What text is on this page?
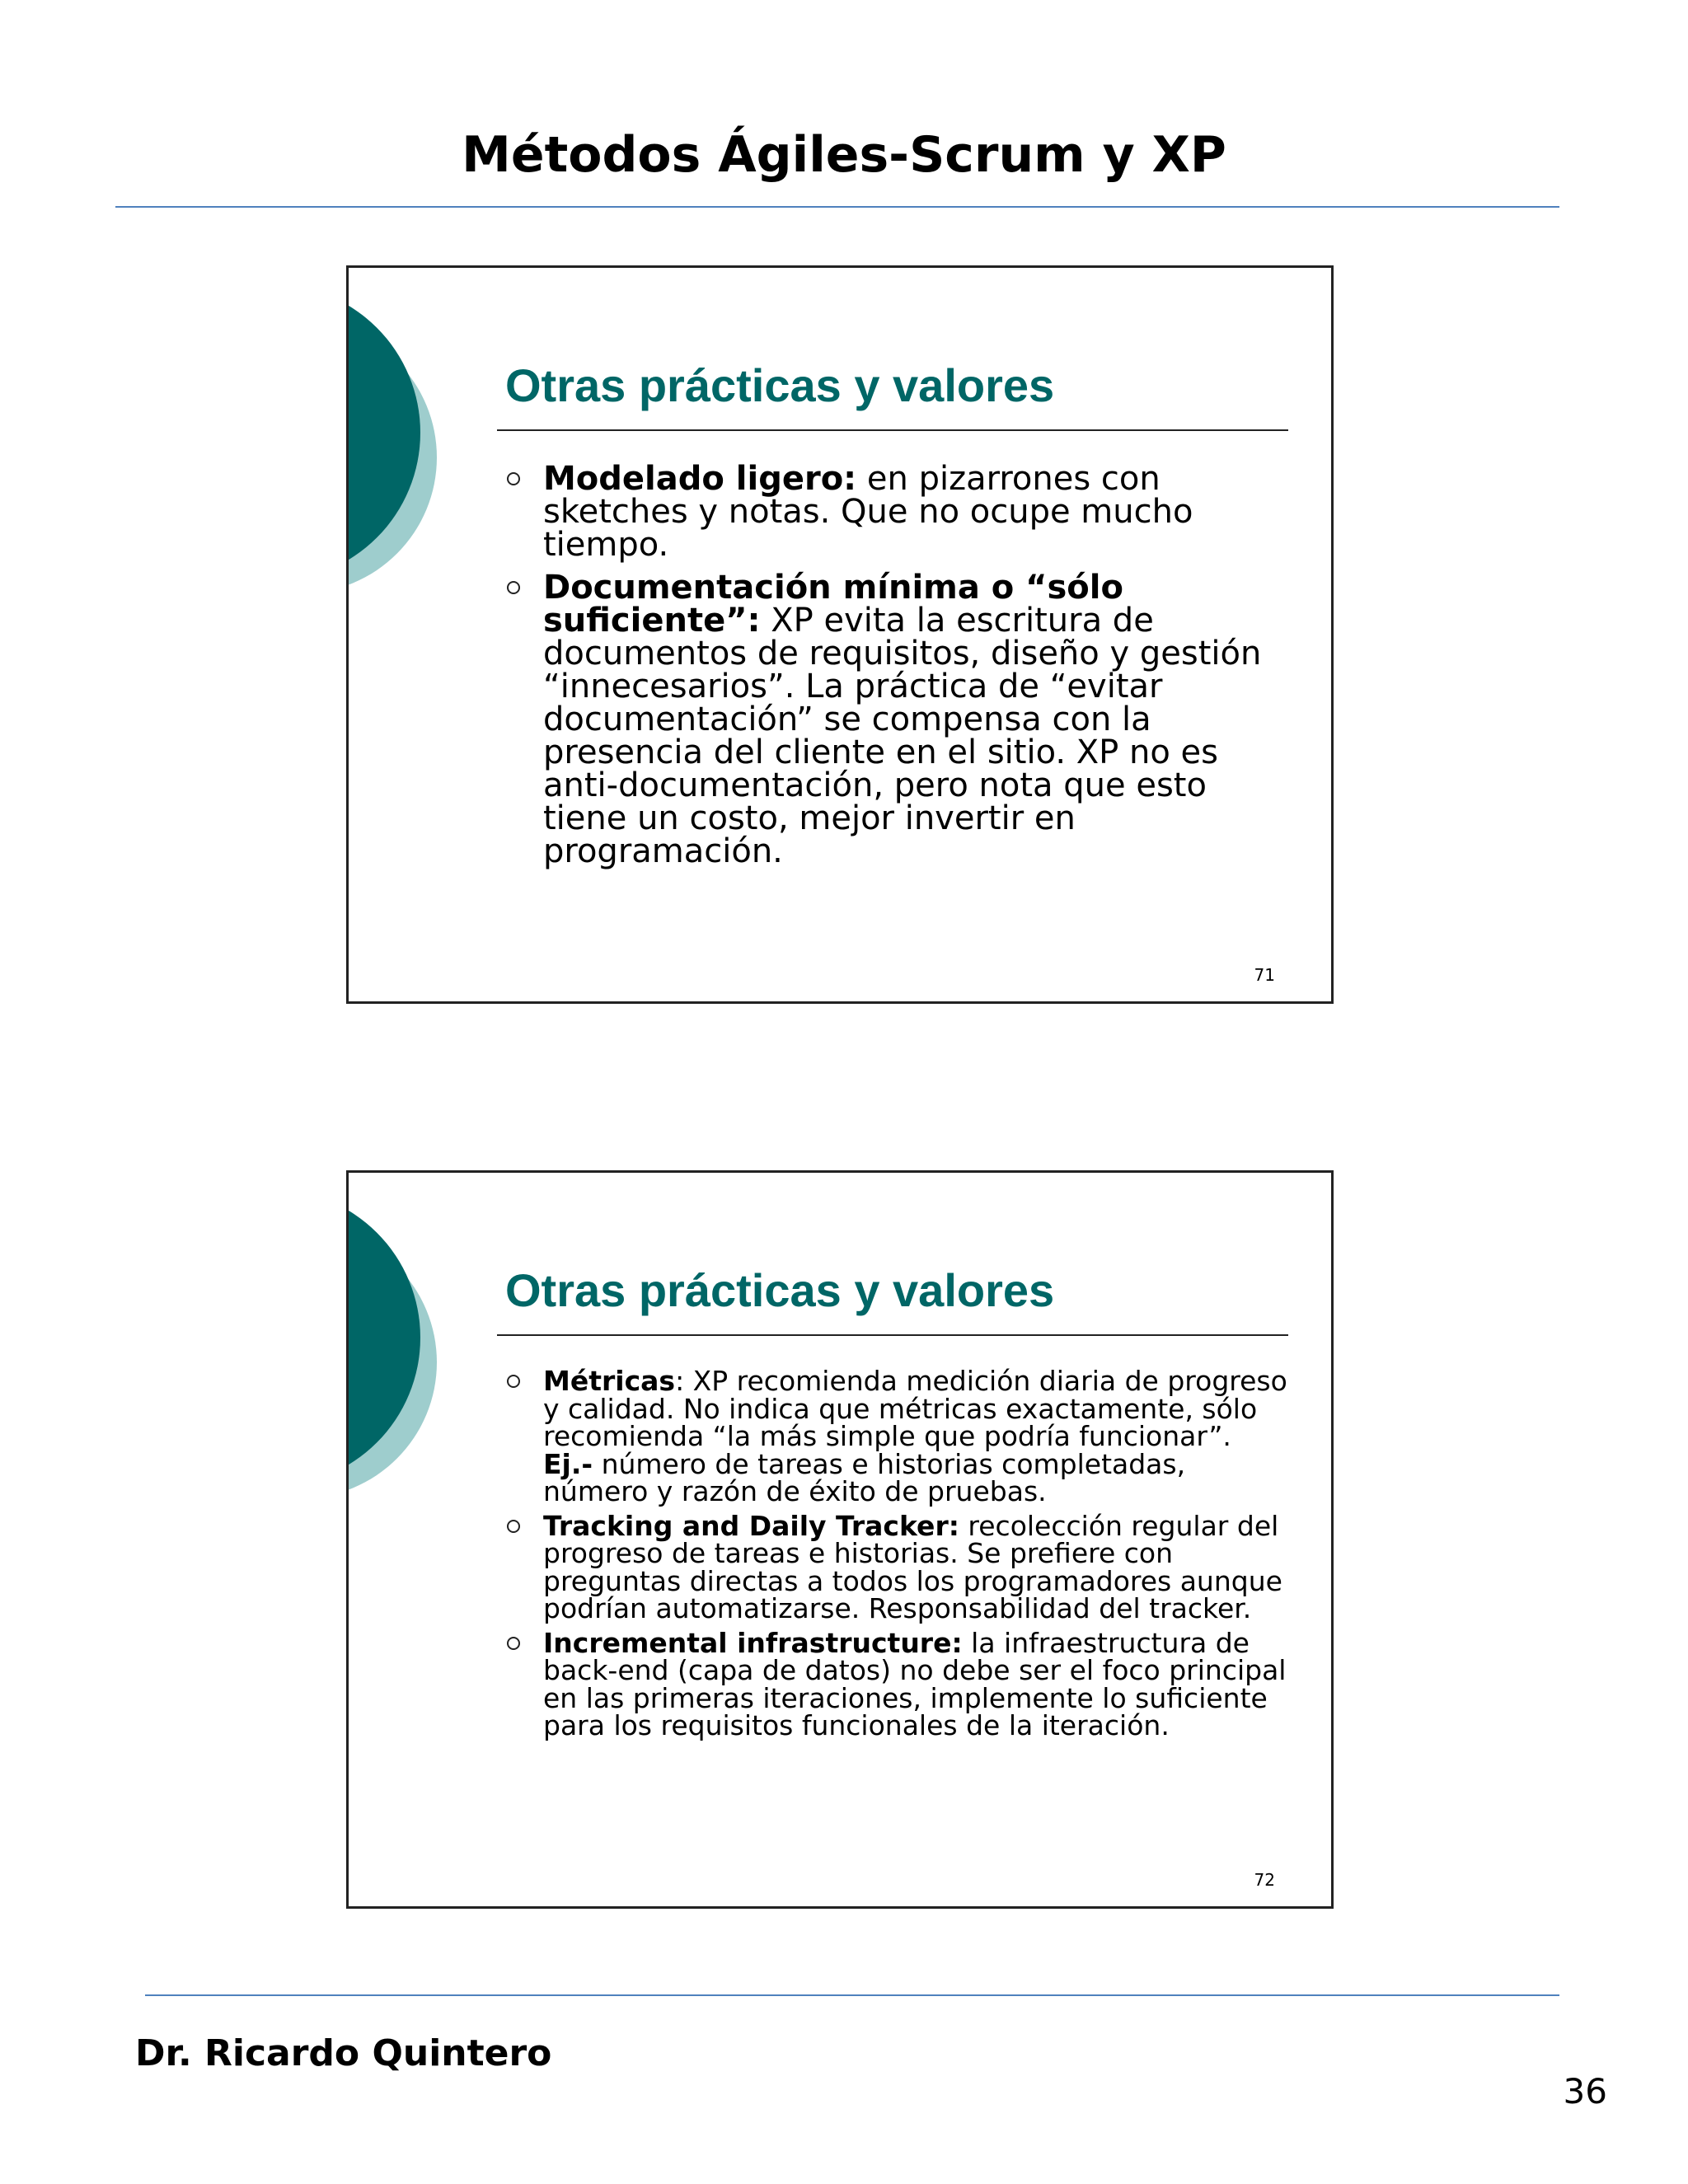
Métodos Ágiles-Scrum y XP
Otras prácticas y valores
Modelado ligero: en pizarrones con sketches y notas. Que no ocupe mucho tiempo.
Documentación mínima o “sólo suficiente”: XP evita la escritura de documentos de requisitos, diseño y gestión “innecesarios”. La práctica de “evitar documentación” se compensa con la presencia del cliente en el sitio. XP no es anti-documentación, pero nota que esto tiene un costo, mejor invertir en programación.
71
Otras prácticas y valores
Métricas: XP recomienda medición diaria de progreso y calidad. No indica que métricas exactamente, sólo recomienda “la más simple que podría funcionar”. Ej.- número de tareas e historias completadas, número y razón de éxito de pruebas.
Tracking and Daily Tracker: recolección regular del progreso de tareas e historias. Se prefiere con preguntas directas a todos los programadores aunque podrían automatizarse. Responsabilidad del tracker.
Incremental infrastructure: la infraestructura de back-end (capa de datos) no debe ser el foco principal en las primeras iteraciones, implemente lo suficiente para los requisitos funcionales de la iteración.
72

Dr. Ricardo Quintero

36
